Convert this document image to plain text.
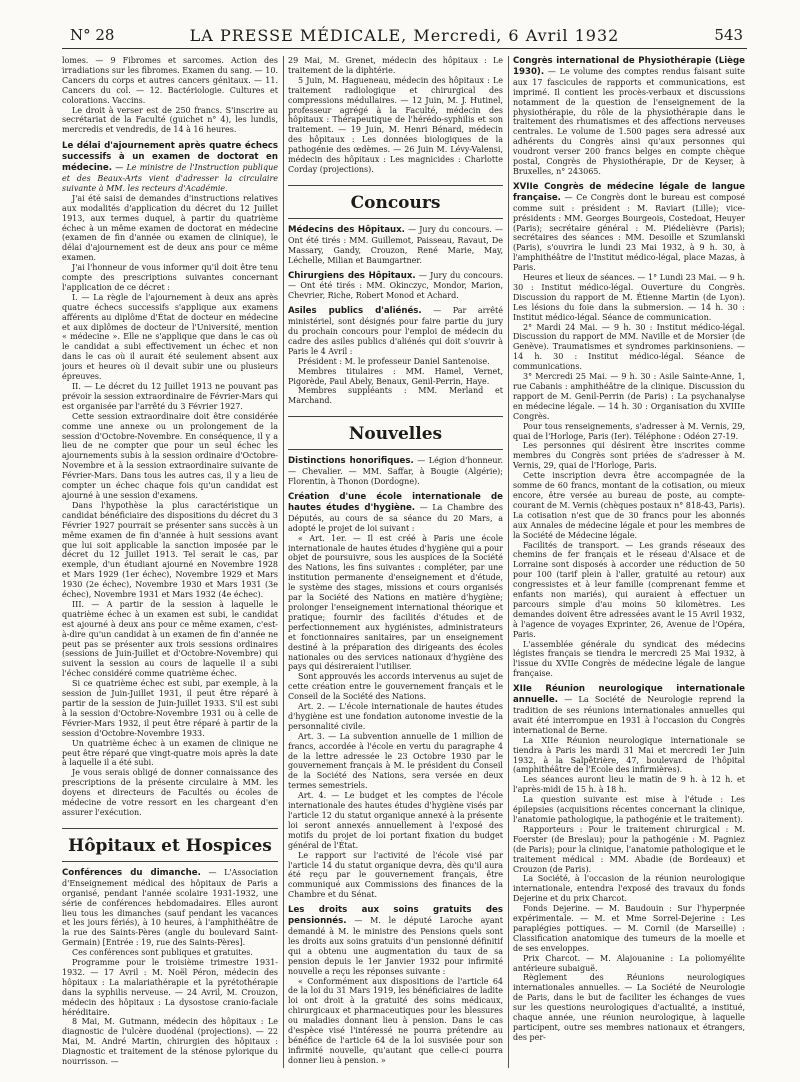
N° 28	LA PRESSE MÉDICALE, Mercredi, 6 Avril 1932	543

lomes. — 9 Fibromes et sarcomes. Action des irradiations sur les fibromes. Examen du sang. — 10. Cancers du corps et autres cancers génitaux. — 11. Cancers du col. — 12. Bactériologie. Cultures et colorations. Vaccins.

Le droit à verser est de 250 francs. S'inscrire au secrétariat de la Faculté (guichet n° 4), les lundis, mercredis et vendredis, de 14 à 16 heures.

Le délai d'ajournement après quatre échecs successifs à un examen de doctorat en médecine. — Le ministre de l'Instruction publique et des Beaux-Arts vient d'adresser la circulaire suivante à MM. les recteurs d'Académie.

J'ai été saisi de demandes d'instructions relatives aux modalités d'application du décret du 12 Juillet 1913, aux termes duquel, à partir du quatrième échec à un même examen de doctorat en médecine (examen de fin d'année ou examen de clinique), le délai d'ajournement est de deux ans pour ce même examen.

J'ai l'honneur de vous informer qu'il doit être tenu compte des prescriptions suivantes concernant l'application de ce décret :

I. — La règle de l'ajournement à deux ans après quatre échecs successifs s'applique aux examens afférents au diplôme d'État de docteur en médecine et aux diplômes de docteur de l'Université, mention « médecine ». Elle ne s'applique que dans le cas où le candidat a subi effectivement un échec et non dans le cas où il aurait été seulement absent aux jours et heures où il devait subir une ou plusieurs épreuves.

II. — Le décret du 12 Juillet 1913 ne pouvant pas prévoir la session extraordinaire de Février-Mars qui est organisée par l'arrêté du 3 Février 1927.

Cette session extraordinaire doit être considérée comme une annexe ou un prolongement de la session d'Octobre-Novembre. En conséquence, il y a lieu de ne compter que pour un seul échec les ajournements subis à la session ordinaire d'Octobre-Novembre et à la session extraordinaire suivante de Février-Mars. Dans tous les autres cas, il y a lieu de compter un échec chaque fois qu'un candidat est ajourné à une session d'examens.

Dans l'hypothèse la plus caractéristique un candidat bénéficiaire des dispositions du décret du 3 Février 1927 pourrait se présenter sans succès à un même examen de fin d'année à huit sessions avant que lui soit applicable la sanction imposée par le décret du 12 Juillet 1913. Tel serait le cas, par exemple, d'un étudiant ajourné en Novembre 1928 et Mars 1929 (1er échec), Novembre 1929 et Mars 1930 (2e échec), Novembre 1930 et Mars 1931 (3e échec), Novembre 1931 et Mars 1932 (4e échec).

III. — A partir de la session à laquelle le quatrième échec à un examen est subi, le candidat est ajourné à deux ans pour ce même examen, c'est-à-dire qu'un candidat à un examen de fin d'année ne peut pas se présenter aux trois sessions ordinaires (sessions de Juin-Juillet et d'Octobre-Novembre) qui suivent la session au cours de laquelle il a subi l'échec considéré comme quatrième échec.

Si ce quatrième échec est subi, par exemple, à la session de Juin-Juillet 1931, il peut être réparé à partir de la session de Juin-Juillet 1933. S'il est subi à la session d'Octobre-Novembre 1931 ou à celle de Février-Mars 1932, il peut être réparé à partir de la session d'Octobre-Novembre 1933.

Un quatrième échec à un examen de clinique ne peut être réparé que vingt-quatre mois après la date à laquelle il a été subi.

Je vous serais obligé de donner connaissance des prescriptions de la présente circulaire à MM. les doyens et directeurs de Facultés ou écoles de médecine de votre ressort en les chargeant d'en assurer l'exécution.

Hôpitaux et Hospices

Conférences du dimanche. — L'Association d'Enseignement médical des hôpitaux de Paris a organisé, pendant l'année scolaire 1931-1932, une série de conférences hebdomadaires. Elles auront lieu tous les dimanches (sauf pendant les vacances et les jours fériés), à 10 heures, à l'amphithéâtre de la rue des Saints-Pères (angle du boulevard Saint-Germain) [Entrée : 19, rue des Saints-Pères].

Ces conférences sont publiques et gratuites.

Programme pour le troisième trimestre 1931-1932. — 17 Avril : M. Noël Péron, médecin des hôpitaux : La malariathérapie et la pyrétothérapie dans la syphilis nerveuse. — 24 Avril, M. Crouzon, médecin des hôpitaux : La dysostose cranio-faciale héréditaire.

8 Mai, M. Gutmann, médecin des hôpitaux : Le diagnostic de l'ulcère duodénal (projections). — 22 Mai, M. André Martin, chirurgien des hôpitaux : Diagnostic et traitement de la sténose pylorique du nourrisson. —

29 Mai, M. Grenet, médecin des hôpitaux : Le traitement de la diphtérie.

5 Juin, M. Hagueneau, médecin des hôpitaux : Le traitement radiologique et chirurgical des compressions médullaires. — 12 Juin, M. J. Hutinel, professeur agrégé à la Faculté, médecin des hôpitaux : Thérapeutique de l'hérédo-syphilis et son traitement. — 19 Juin, M. Henri Bénard, médecin des hôpitaux : Les données biologiques de la pathogénie des œdèmes. — 26 Juin M. Lévy-Valensi, médecin des hôpitaux : Les magnicides : Charlotte Corday (projections).

Concours

Médecins des Hôpitaux. — Jury du concours. — Ont été tirés : MM. Guillemot, Paisseau, Ravaut, De Massary, Gandy, Crouzon, René Marie, May, Léchelle, Milian et Baumgartner.

Chirurgiens des Hôpitaux. — Jury du concours. — Ont été tirés : MM. Okinczyc, Mondor, Marion, Chevrier, Riche, Robert Monod et Achard.

Asiles publics d'aliénés. — Par arrêté ministériel, sont désignés pour faire partie du jury du prochain concours pour l'emploi de médecin du cadre des asiles publics d'aliénés qui doit s'ouvrir à Paris le 4 Avril :

Président : M. le professeur Daniel Santenoise.

Membres titulaires : MM. Hamel, Vernet, Pigorède, Paul Abely, Benaux, Genil-Perrin, Haye.

Membres suppléants : MM. Merland et Marchand.

Nouvelles

Distinctions honorifiques. — Légion d'honneur. — Chevalier. — MM. Saffar, à Bougie (Algérie); Florentin, à Thonon (Dordogne).

Création d'une école internationale de hautes études d'hygiène. — La Chambre des Députés, au cours de sa séance du 20 Mars, a adopté le projet de loi suivant :

« Art. 1er. — Il est créé à Paris une école internationale de hautes études d'hygiène qui a pour objet de poursuivre, sous les auspices de la Société des Nations, les fins suivantes : compléter, par une institution permanente d'enseignement et d'étude, le système des stages, missions et cours organisés par la Société des Nations en matière d'hygiène; prolonger l'enseignement international théorique et pratique; fournir des facilités d'études et de perfectionnement aux hygiénistes, administrateurs et fonctionnaires sanitaires, par un enseignement destiné à la préparation des dirigeants des écoles nationales ou des services nationaux d'hygiène des pays qui désireraient l'utiliser.

Sont approuvés les accords intervenus au sujet de cette création entre le gouvernement français et le Conseil de la Société des Nations.

Art. 2. — L'école internationale de hautes études d'hygiène est une fondation autonome investie de la personnalité civile.

Art. 3. — La subvention annuelle de 1 million de francs, accordée à l'école en vertu du paragraphe 4 de la lettre adressée le 23 Octobre 1930 par le gouvernement français à M. le président du Conseil de la Société des Nations, sera versée en deux termes semestriels.

Art. 4. — Le budget et les comptes de l'école internationale des hautes études d'hygiène visés par l'article 12 du statut organique annexé à la présente loi seront annexés annuellement à l'exposé des motifs du projet de loi portant fixation du budget général de l'État.

Le rapport sur l'activité de l'école visé par l'article 14 du statut organique devra, dès qu'il aura été reçu par le gouvernement français, être communiqué aux Commissions des finances de la Chambre et du Sénat.

Les droits aux soins gratuits des pensionnés. — M. le député Laroche ayant demandé à M. le ministre des Pensions quels sont les droits aux soins gratuits d'un pensionné définitif qui a obtenu une augmentation du taux de sa pension depuis le 1er Janvier 1932 pour infirmité nouvelle a reçu les réponses suivante :

« Conformément aux dispositions de l'article 64 de la loi du 31 Mars 1919, les bénéficiaires de ladite loi ont droit à la gratuité des soins médicaux, chirurgicaux et pharmaceutiques pour les blessures ou maladies donnant lieu à pension. Dans le cas d'espèce visé l'intéressé ne pourra prétendre au bénéfice de l'article 64 de la loi susvisée pour son infirmité nouvelle, qu'autant que celle-ci pourra donner lieu à pension. »

Congrès international de Physiothérapie (Liège 1930). — Le volume des comptes rendus faisant suite aux 17 fascicules de rapports et communications, est imprimé. Il contient les procès-verbaux et discussions notamment de la question de l'enseignement de la physiothérapie, du rôle de la physiothérapie dans le traitement des rhumatismes et des affections nerveuses centrales. Le volume de 1.500 pages sera adressé aux adhérents du Congrès ainsi qu'aux personnes qui voudront verser 200 francs belges en compte chèque postal, Congrès de Physiothérapie, Dr de Keyser, à Bruxelles, n° 243065.

XVIIe Congrès de médecine légale de langue française. — Ce Congrès dont le bureau est composé comme suit : président : M. Raviart (Lille); vice-présidents : MM. Georges Bourgeois, Costedoat, Heuyer (Paris); secrétaire général : M. Piédelièvre (Paris); secrétaires des séances : MM. Desoille et Szumlanski (Paris), s'ouvrira le lundi 23 Mai 1932, à 9 h. 30, à l'amphithéâtre de l'Institut médico-légal, place Mazas, à Paris.

Heures et lieux de séances. — 1° Lundi 23 Mai. — 9 h. 30 : Institut médico-légal. Ouverture du Congrès. Discussion du rapport de M. Étienne Martin (de Lyon). Les lésions du foie dans la submersion. — 14 h. 30 : Institut médico-légal. Séance de communication.

2° Mardi 24 Mai. — 9 h. 30 : Institut médico-légal. Discussion du rapport de MM. Naville et de Morsier (de Genève). Traumatismes et syndromes parkinsoniens. — 14 h. 30 : Institut médico-légal. Séance de communications.

3° Mercredi 25 Mai. — 9 h. 30 : Asile Sainte-Anne, 1, rue Cabanis : amphithéâtre de la clinique. Discussion du rapport de M. Genil-Perrin (de Paris) : La psychanalyse en médecine légale. — 14 h. 30 : Organisation du XVIIIe Congrès.

Pour tous renseignements, s'adresser à M. Vernis, 29, quai de l'Horloge, Paris (Ier). Téléphone : Odéon 27-19.

Les personnes qui désirent être inscrites comme membres du Congrès sont priées de s'adresser à M. Vernis, 29, quai de l'Horloge, Paris.

Cette inscription devra être accompagnée de la somme de 60 francs, montant de la cotisation, ou mieux encore, être versée au bureau de poste, au compte-courant de M. Vernis (chèques postaux n° 818-43, Paris). La cotisation n'est que de 30 francs pour les abonnés aux Annales de médecine légale et pour les membres de la Société de Médecine légale.

Facilités de transport. — Les grands réseaux des chemins de fer français et le réseau d'Alsace et de Lorraine sont disposés à accorder une réduction de 50 pour 100 (tarif plein à l'aller, gratuité au retour) aux congressistes et à leur famille (comprenant femme et enfants non mariés), qui auraient à effectuer un parcours simple d'au moins 50 kilomètres. Les demandes doivent être adressées avant le 15 Avril 1932, à l'agence de voyages Exprinter, 26, Avenue de l'Opéra, Paris.

L'assemblée générale du syndicat des médecins légistes français se tiendra le mercredi 25 Mai 1932, à l'issue du XVIIe Congrès de médecine légale de langue française.

XIIe Réunion neurologique internationale annuelle. — La Société de Neurologie reprend la tradition de ses réunions internationales annuelles qui avait été interrompue en 1931 à l'occasion du Congrès international de Berne.

La XIIe Réunion neurologique internationale se tiendra à Paris les mardi 31 Mai et mercredi 1er Juin 1932, à la Salpêtrière, 47, boulevard de l'hôpital (amphithéâtre de l'École des infirmières).

Les séances auront lieu le matin de 9 h. à 12 h. et l'après-midi de 15 h. à 18 h.

La question suivante est mise à l'étude : Les épilepsies (acquisitions récentes concernant la clinique, l'anatomie pathologique, la pathogénie et le traitement).

Rapporteurs : Pour le traitement chirurgical : M. Foerster (de Breslau); pour la pathogénie : M. Pagniez (de Paris); pour la clinique, l'anatomie pathologique et le traitement médical : MM. Abadie (de Bordeaux) et Crouzon (de Paris).

La Société, à l'occasion de la réunion neurologique internationale, entendra l'exposé des travaux du fonds Dejerine et du prix Charcot.

Fonds Dejerine. — M. Baudouin : Sur l'hyperpnée expérimentale. — M. et Mme Sorrel-Dejerine : Les paraplégies pottiques. — M. Cornil (de Marseille) : Classification anatomique des tumeurs de la moelle et de ses enveloppes.

Prix Charcot. — M. Alajouanine : La poliomyélite antérieure subaiguë.

Règlement des Réunions neurologiques internationales annuelles. — La Société de Neurologie de Paris, dans le but de faciliter les échanges de vues sur les questions neurologiques d'actualité, a institué, chaque année, une réunion neurologique, à laquelle participent, outre ses membres nationaux et étrangers, des per-
